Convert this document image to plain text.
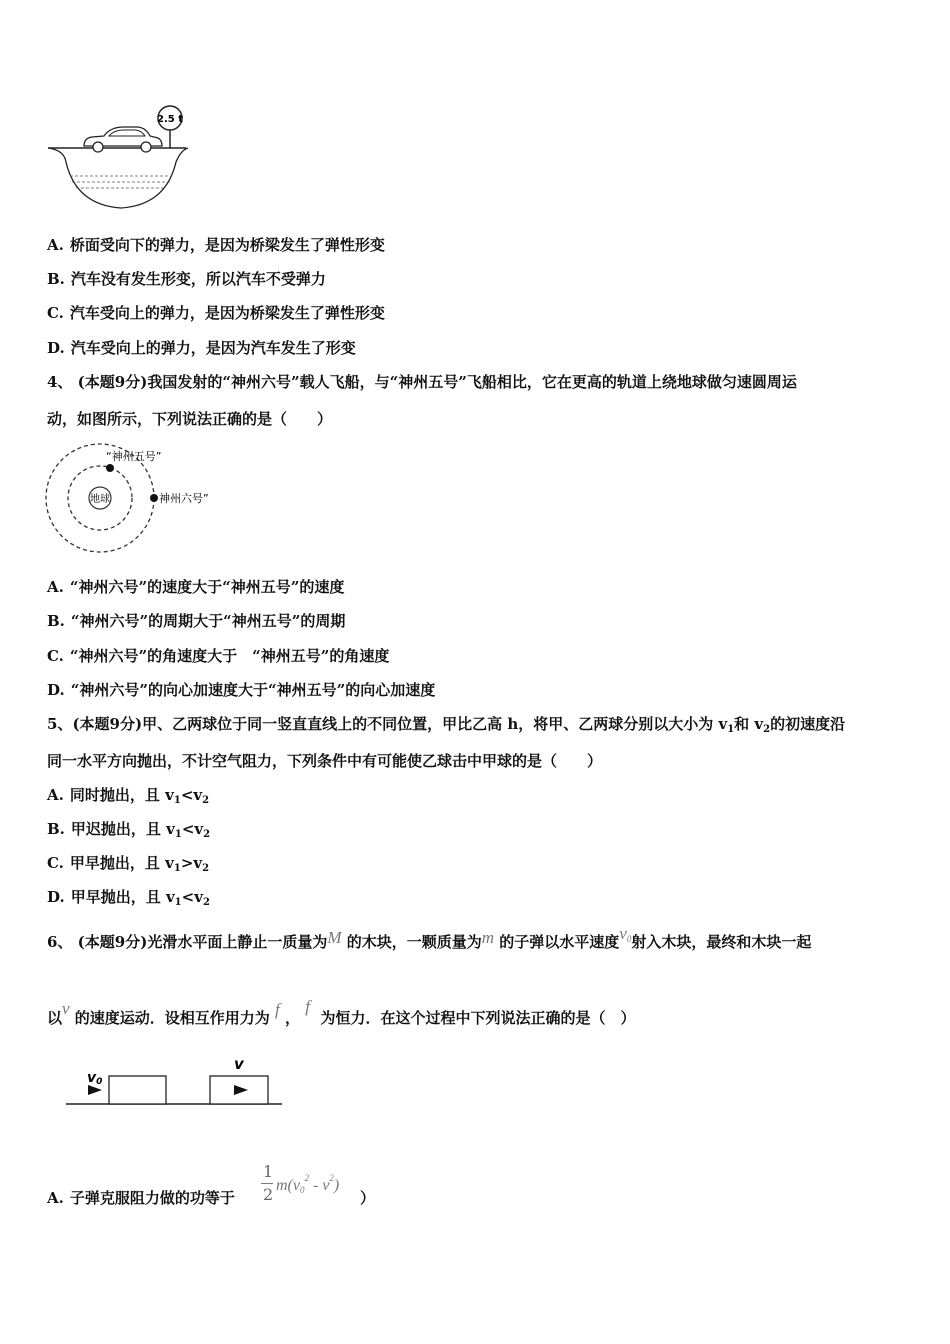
2.5 t
A. 桥面受向下的弹力，是因为桥梁发生了弹性形变
B. 汽车没有发生形变，所以汽车不受弹力
C. 汽车受向上的弹力，是因为桥梁发生了弹性形变
D. 汽车受向上的弹力，是因为汽车发生了形变
4、 (本题9分)我国发射的“神州六号”载人飞船，与“神州五号”飞船相比，它在更高的轨道上绕地球做匀速圆周运
动，如图所示，下列说法正确的是（　　）
地球
“神州五号”
神州六号”
A. “神州六号”的速度大于“神州五号”的速度
B. “神州六号”的周期大于“神州五号”的周期
C. “神州六号”的角速度大于　“神州五号”的角速度
D. “神州六号”的向心加速度大于“神州五号”的向心加速度
5、(本题9分)甲、乙两球位于同一竖直直线上的不同位置，甲比乙高 h，将甲、乙两球分别以大小为 $v_1$和 $v_2$的初速度沿
同一水平方向抛出，不计空气阻力，下列条件中有可能使乙球击中甲球的是（　　）
A. 同时抛出，且 $v_1<v_2$
B. 甲迟抛出，且 $v_1<v_2$
C. 甲早抛出，且 $v_1>v_2$
D. 甲早抛出，且 $v_1<v_2$
6、 (本题9分)光滑水平面上静止一质量为M 的木块，一颗质量为m 的子弹以水平速度v0射入木块，最终和木块一起
以v 的速度运动．设相互作用力为 f ， f  为恒力．在这个过程中下列说法正确的是（　）
v0
v
A. 子弹克服阻力做的功等于
1
2 $m(v0^2 - v^2)$
）
